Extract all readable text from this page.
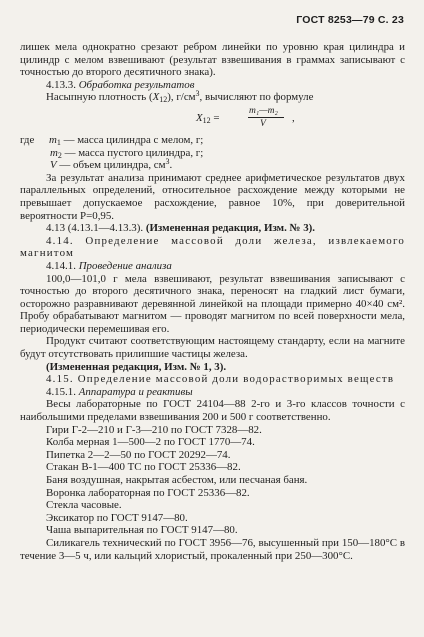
ГОСТ 8253—79 С. 23

лишек мела однократно срезают ребром линейки по уровню края цилиндра и цилиндр с мелом взвешивают (результат взвешивания в граммах записывают с точностью до второго десятичного знака).

4.13.3. Обработка результатов

Насыпную плотность $(X_{12})$, $г/см^3$, вычисляют по формуле

$X_{12}$ =
m₁—m₂
V ,

где $m_1$ — масса цилиндра с мелом, г;

$m_2$ — масса пустого цилиндра, г;

V — объем цилиндра, $см^3$.

За результат анализа принимают среднее арифметическое результатов двух параллельных определений, относительное расхождение между которыми не превышает допускаемое расхождение, равное 10%, при доверительной вероятности P=0,95.

4.13 (4.13.1—4.13.3). (Измененная редакция, Изм. № 3).

4.14. Определение массовой доли железа, извлекаемого магнитом

4.14.1. Проведение анализа

100,0—101,0 г мела взвешивают, результат взвешивания записывают с точностью до второго десятичного знака, переносят на гладкий лист бумаги, осторожно разравнивают деревянной линейкой на площади примерно 40×40 см². Пробу обрабатывают магнитом — проводят магнитом по всей поверхности мела, периодически перемешивая его.

Продукт считают соответствующим настоящему стандарту, если на магните будут отсутствовать прилипшие частицы железа.

(Измененная редакция, Изм. № 1, 3).

4.15. Определение массовой доли водорастворимых веществ

4.15.1. Аппаратура и реактивы

Весы лабораторные по ГОСТ 24104—88 2-го и 3-го классов точности с наибольшими пределами взвешивания 200 и 500 г соответственно.

Гири Г-2—210 и Г-3—210 по ГОСТ 7328—82.

Колба мерная 1—500—2 по ГОСТ 1770—74.

Пипетка 2—2—50 по ГОСТ 20292—74.

Стакан В-1—400 ТС по ГОСТ 25336—82.

Баня воздушная, накрытая асбестом, или песчаная баня.

Воронка лабораторная по ГОСТ 25336—82.

Стекла часовые.

Эксикатор по ГОСТ 9147—80.

Чаша выпарительная по ГОСТ 9147—80.

Силикагель технический по ГОСТ 3956—76, высушенный при 150—180°С в течение 3—5 ч, или кальций хлористый, прокаленный при 250—300°С.
